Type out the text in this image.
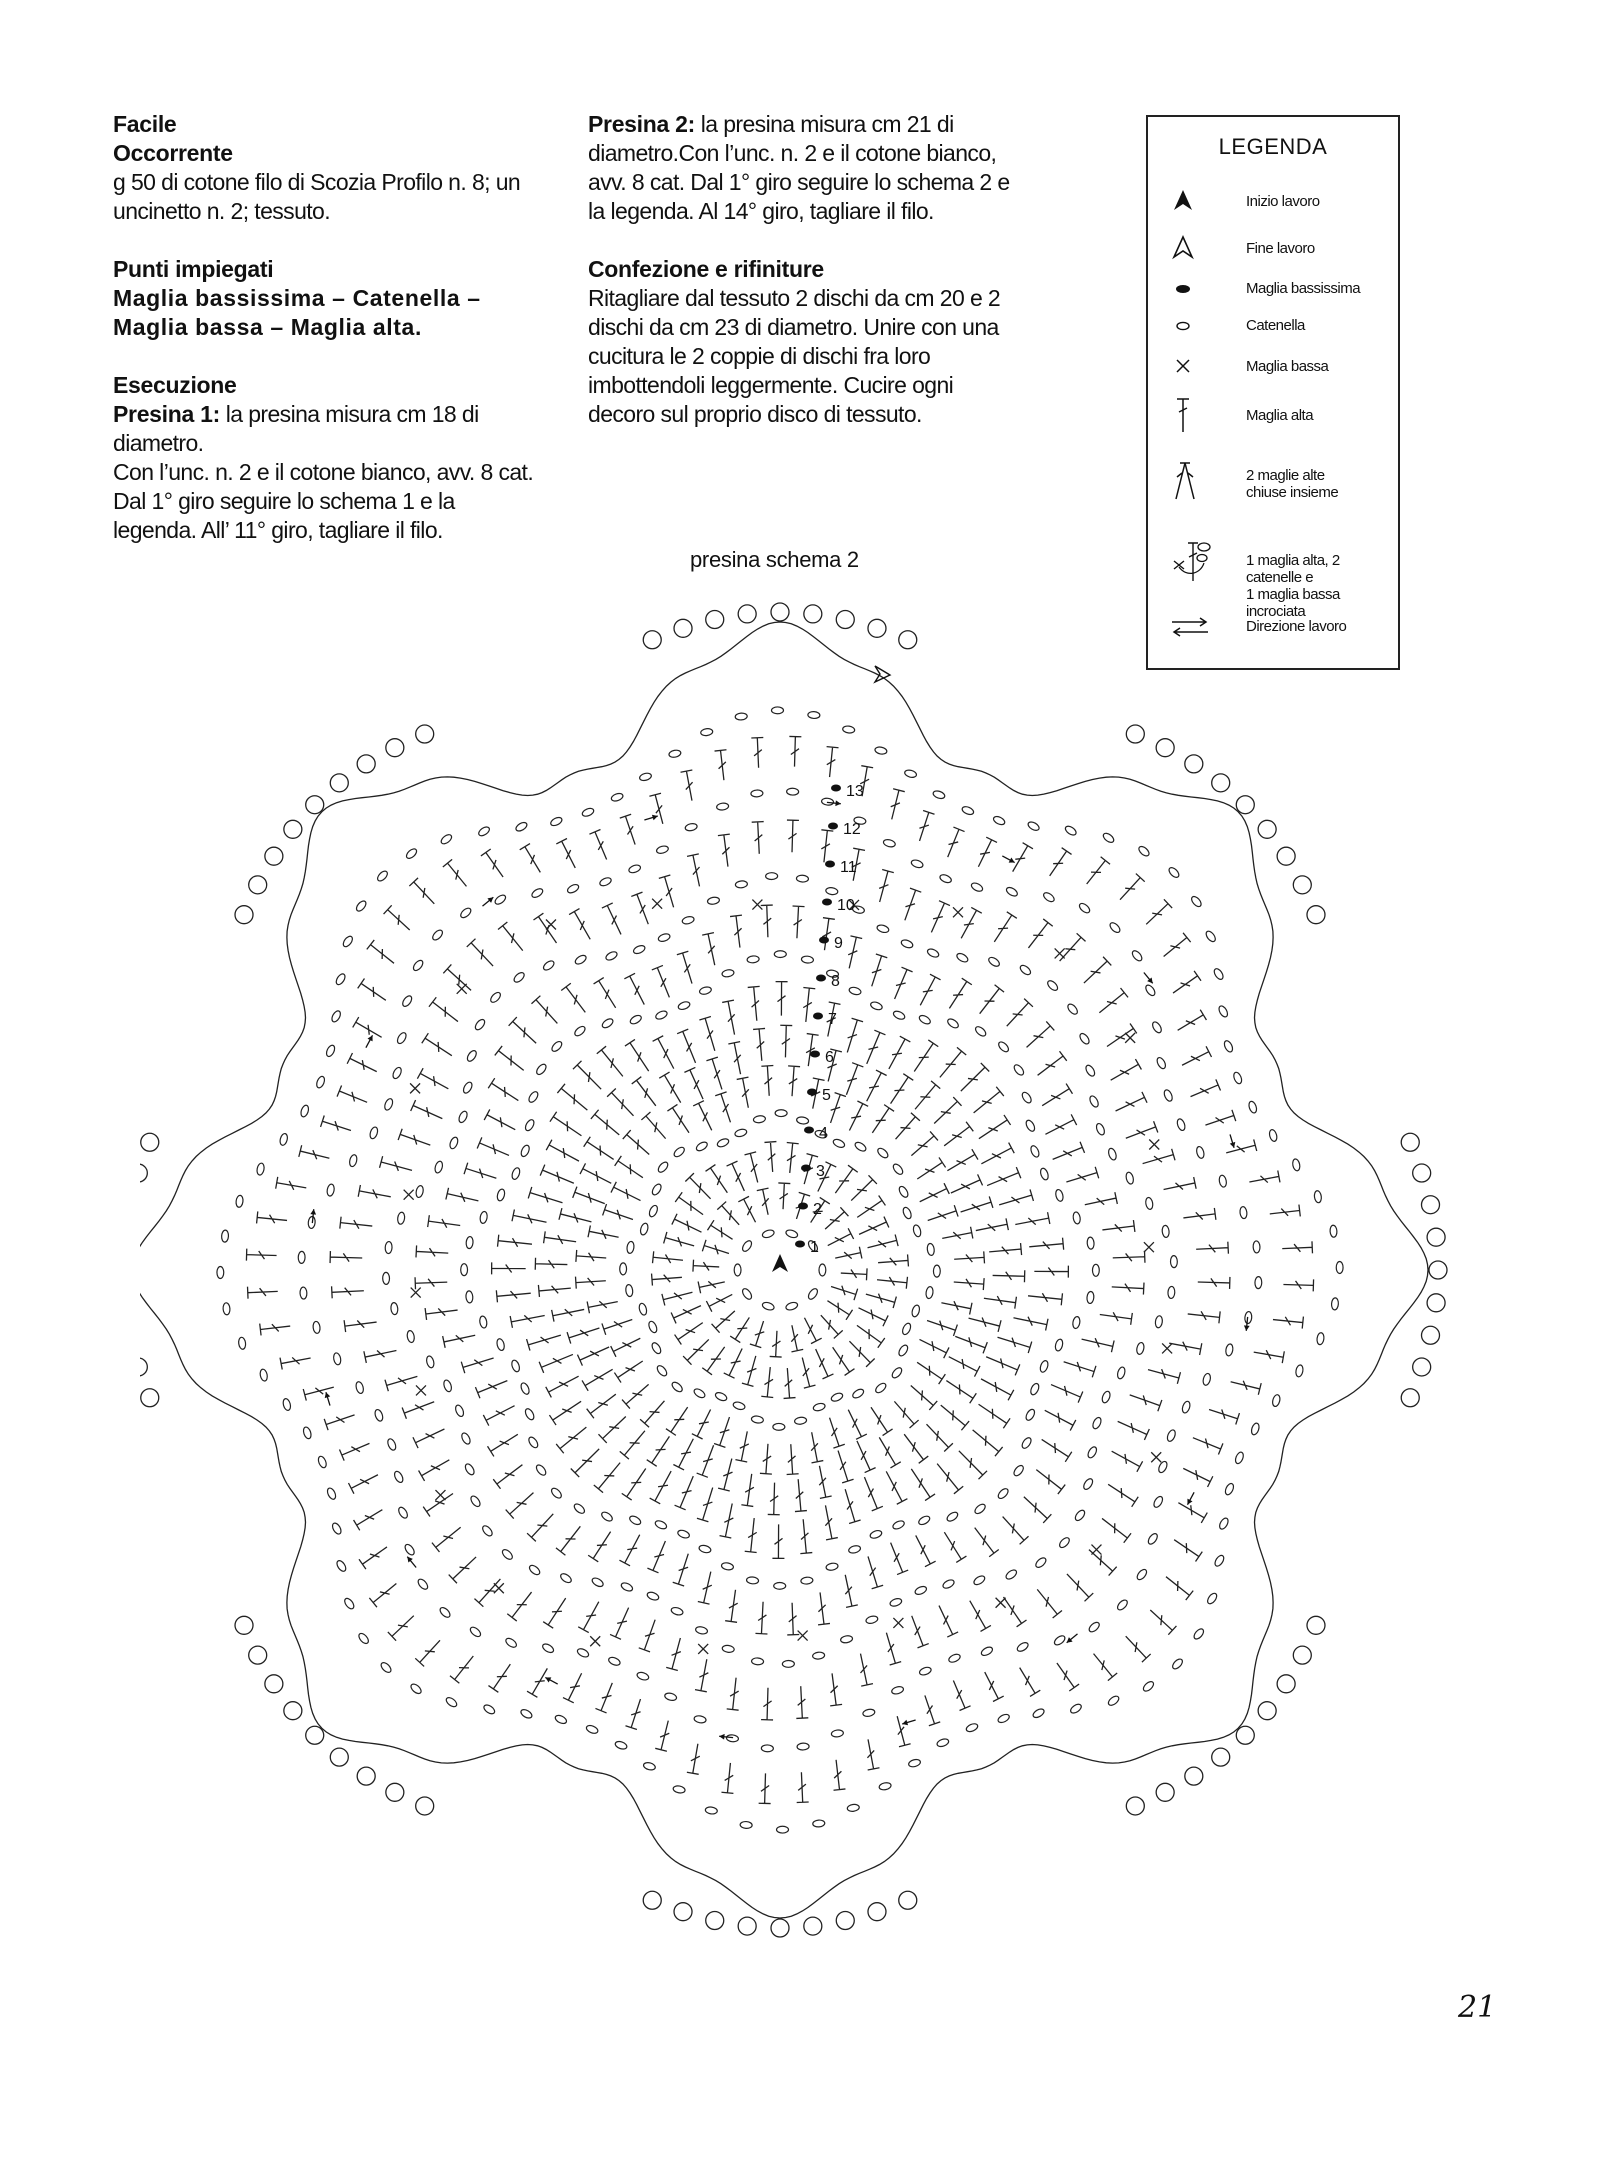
Facile

Occorrente

g 50 di cotone filo di Scozia Profilo n. 8; un uncinetto n. 2; tessuto.

Punti impiegati

Maglia bassissima – Catenella – Maglia bassa – Maglia alta.

Esecuzione

Presina 1: la presina misura cm 18 di diametro.

Con l’unc. n. 2 e il cotone bianco, avv. 8 cat. Dal 1° giro seguire lo schema 1 e la legenda. All’ 11° giro, tagliare il filo.

Presina 2: la presina misura cm 21 di diametro.Con l’unc. n. 2 e il cotone bianco, avv. 8 cat. Dal 1° giro seguire lo schema 2 e la legenda. Al 14° giro, tagliare il filo.

Confezione e rifiniture

Ritagliare dal tessuto 2 dischi da cm 20 e 2 dischi da cm 23 di diametro. Unire con una cucitura le 2 coppie di dischi fra loro imbottendoli leggermente. Cucire ogni decoro sul proprio disco di tessuto.

LEGENDA
Inizio lavoro
Fine lavoro
Maglia bassissima
Catenella
Maglia bassa
Maglia alta
2 maglie alte
chiuse insieme
1 maglia alta, 2 catenelle e
1 maglia bassa incrociata
Direzione lavoro
presina schema 2
1
2
3
4
5
6
7
8
9
10
11
12
13
21
